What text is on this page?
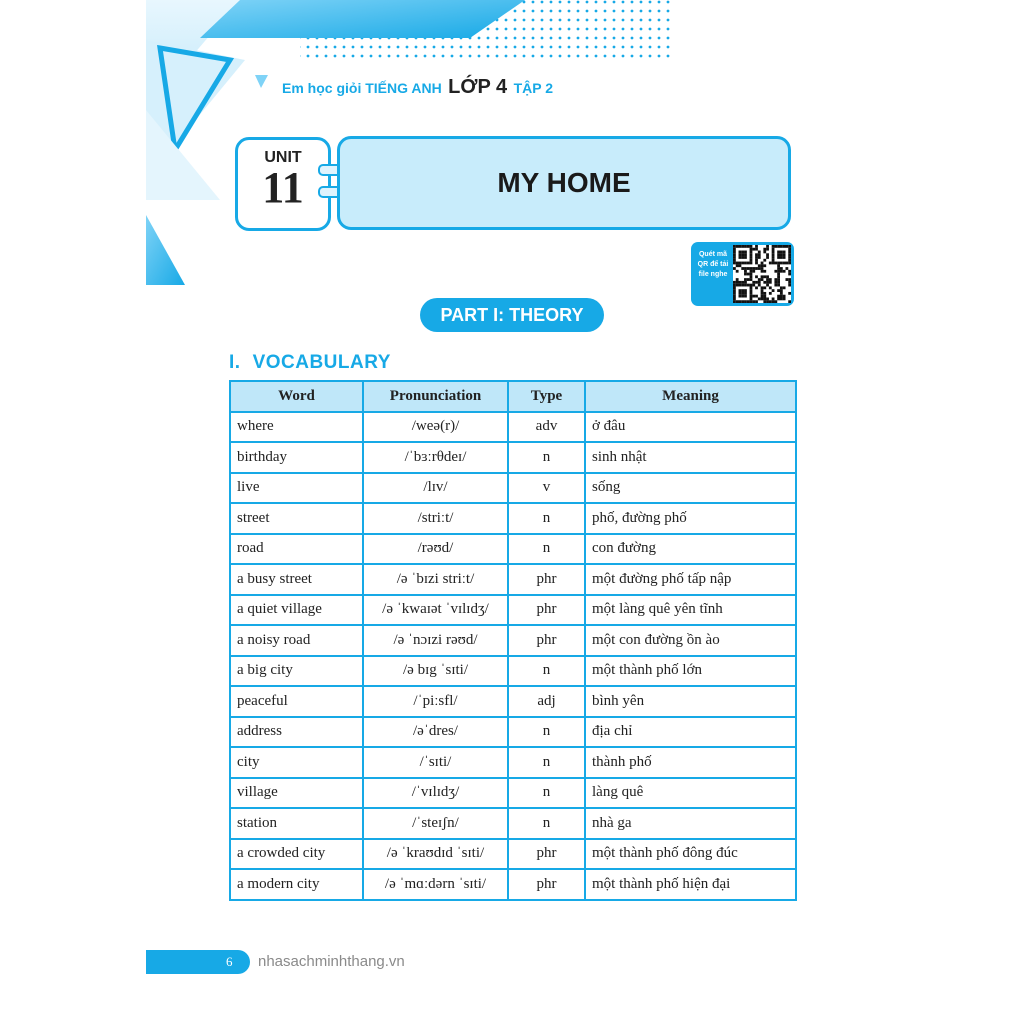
Em học giỏi TIẾNG ANH LỚP 4 TẬP 2
UNIT
11	MY HOME
Quét mã QR để tải file nghe
PART I: THEORY
I. VOCABULARY
Word	Pronunciation	Type	Meaning
where	/weə(r)/	adv	ở đâu
birthday	/ˈbɜːrθdeɪ/	n	sinh nhật
live	/lɪv/	v	sống
street	/striːt/	n	phố, đường phố
road	/rəʊd/	n	con đường
a busy street	/ə ˈbɪzi striːt/	phr	một đường phố tấp nập
a quiet village	/ə ˈkwaɪət ˈvɪlɪdʒ/	phr	một làng quê yên tĩnh
a noisy road	/ə ˈnɔɪzi rəʊd/	phr	một con đường ồn ào
a big city	/ə bɪg ˈsɪti/	n	một thành phố lớn
peaceful	/ˈpiːsfl/	adj	bình yên
address	/əˈdres/	n	địa chỉ
city	/ˈsɪti/	n	thành phố
village	/ˈvɪlɪdʒ/	n	làng quê
station	/ˈsteɪʃn/	n	nhà ga
a crowded city	/ə ˈkraʊdɪd ˈsɪti/	phr	một thành phố đông đúc
a modern city	/ə ˈmɑːdərn ˈsɪti/	phr	một thành phố hiện đại
6 nhasachminhthang.vn
